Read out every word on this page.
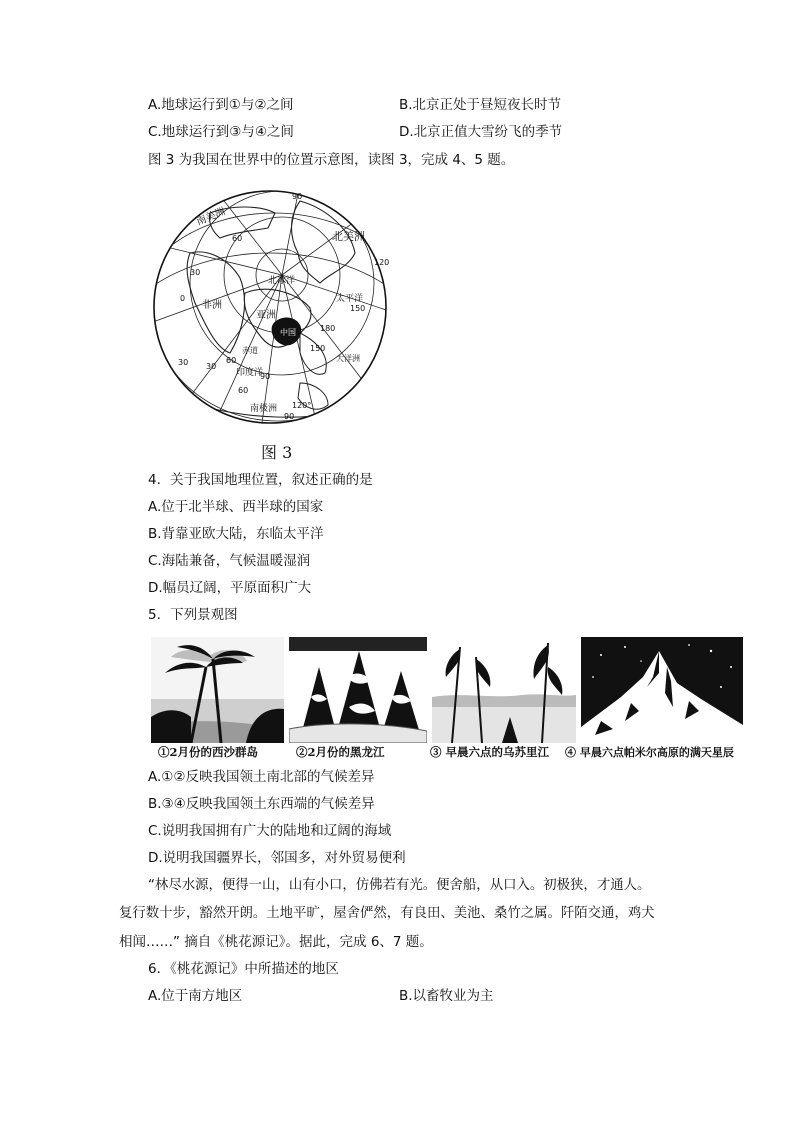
A.地球运行到①与②之间	B.北京正处于昼短夜长时节
C.地球运行到③与④之间	D.北京正值大雪纷飞的季节
图 3 为我国在世界中的位置示意图，读图 3，完成 4、5 题。
北美洲
南美洲
非洲
亚洲
中国
北冰洋
太平洋
印度洋
大洋洲
南极洲
赤道
90
60
30
0
120
150
180
150
60
30
90
120°
60
90
30
图 3
4．关于我国地理位置，叙述正确的是
A.位于北半球、西半球的国家
B.背靠亚欧大陆，东临太平洋
C.海陆兼备，气候温暖湿润
D.幅员辽阔，平原面积广大
5．下列景观图
①2月份的西沙群岛	②2月份的黑龙江	③ 早晨六点的乌苏里江 ④ 早晨六点帕米尔高原的满天星辰
A.①②反映我国领土南北部的气候差异
B.③④反映我国领土东西端的气候差异
C.说明我国拥有广大的陆地和辽阔的海域
D.说明我国疆界长，邻国多，对外贸易便利
“林尽水源，便得一山，山有小口，仿佛若有光。便舍船，从口入。初极狭，才通人。
复行数十步，豁然开朗。土地平旷，屋舍俨然，有良田、美池、桑竹之属。阡陌交通，鸡犬
相闻……” 摘自《桃花源记》。据此，完成 6、7 题。
6．《桃花源记》中所描述的地区
A.位于南方地区	B.以畜牧业为主
